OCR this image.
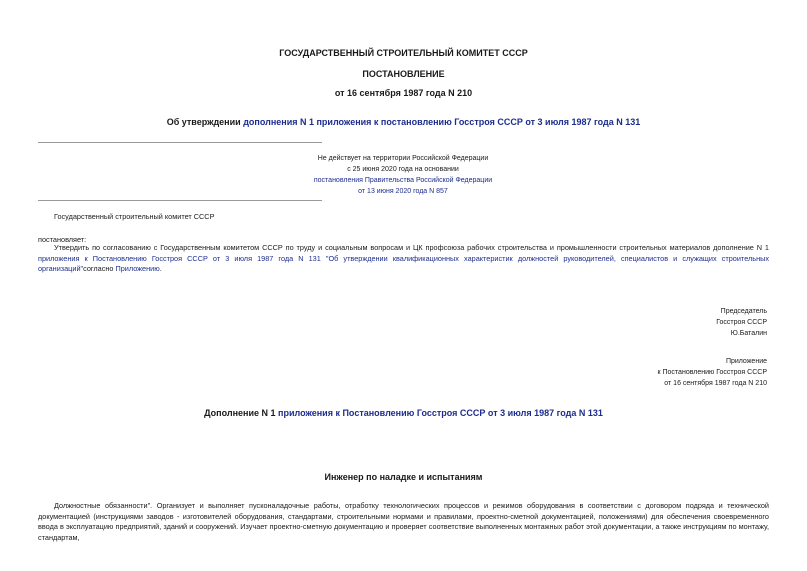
ГОСУДАРСТВЕННЫЙ СТРОИТЕЛЬНЫЙ КОМИТЕТ СССР
ПОСТАНОВЛЕНИЕ
от 16 сентября 1987 года N 210
Об утверждении дополнения N 1 приложения к постановлению Госстроя СССР от 3 июля 1987 года N 131
Не действует на территории Российской Федерации
с 25 июня 2020 года на основании
постановления Правительства Российской Федерации
от 13 июня 2020 года N 857
Государственный строительный комитет СССР
постановляет:
Утвердить по согласованию с Государственным комитетом СССР по труду и социальным вопросам и ЦК профсоюза рабочих строительства и промышленности строительных материалов дополнение N 1 приложения к Постановлению Госстроя СССР от 3 июля 1987 года N 131 "Об утверждении квалификационных характеристик должностей руководителей, специалистов и служащих строительных организаций"согласно Приложению.
Председатель
Госстроя СССР
Ю.Баталин
Приложение
к Постановлению Госстроя СССР
от 16 сентября 1987 года N 210
Дополнение N 1 приложения к Постановлению Госстроя СССР от 3 июля 1987 года N 131
Инженер по наладке и испытаниям
Должностные обязанности". Организует и выполняет пусконаладочные работы, отработку технологических процессов и режимов оборудования в соответствии с договором подряда и технической документацией (инструкциями заводов - изготовителей оборудования, стандартами, строительными нормами и правилами, проектно-сметной документацией, положениями) для обеспечения своевременного ввода в эксплуатацию предприятий, зданий и сооружений. Изучает проектно-сметную документацию и проверяет соответствие выполненных монтажных работ этой документации, а также инструкциям по монтажу, стандартам,
